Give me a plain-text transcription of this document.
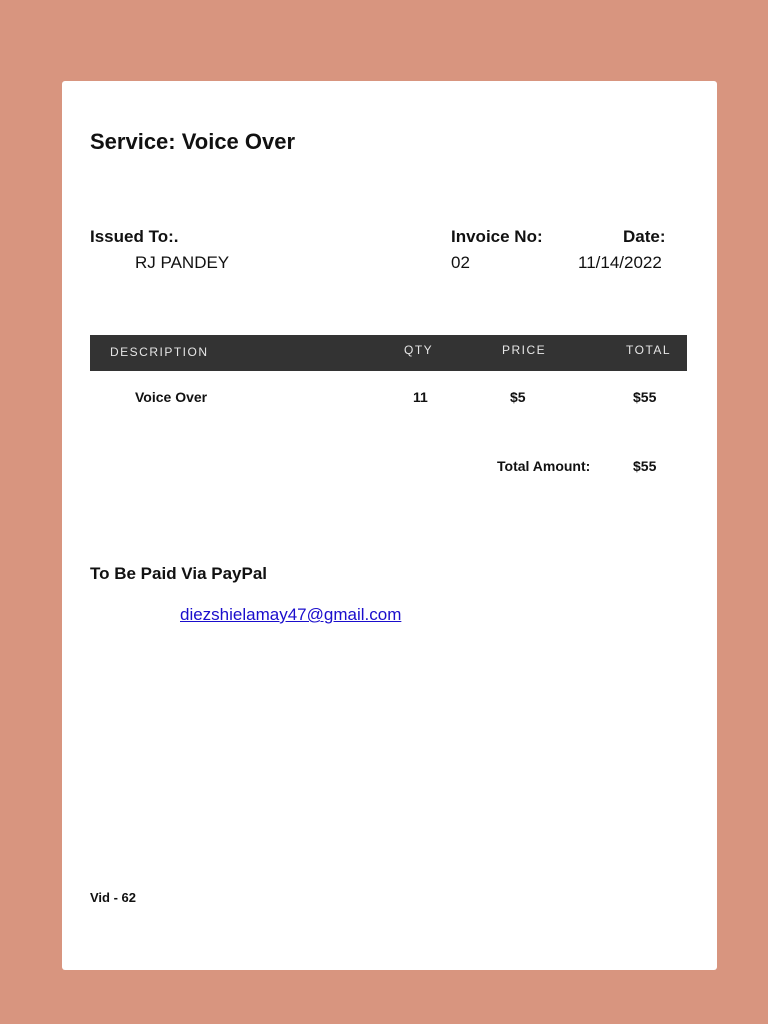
Service: Voice Over
Issued To:.
RJ PANDEY
Invoice No:
02
Date:
11/14/2022
DESCRIPTION	QTY	PRICE	TOTAL
Voice Over	11	$5	$55
Total Amount:	$55
To Be Paid Via PayPal
diezshielamay47@gmail.com
Vid - 62
